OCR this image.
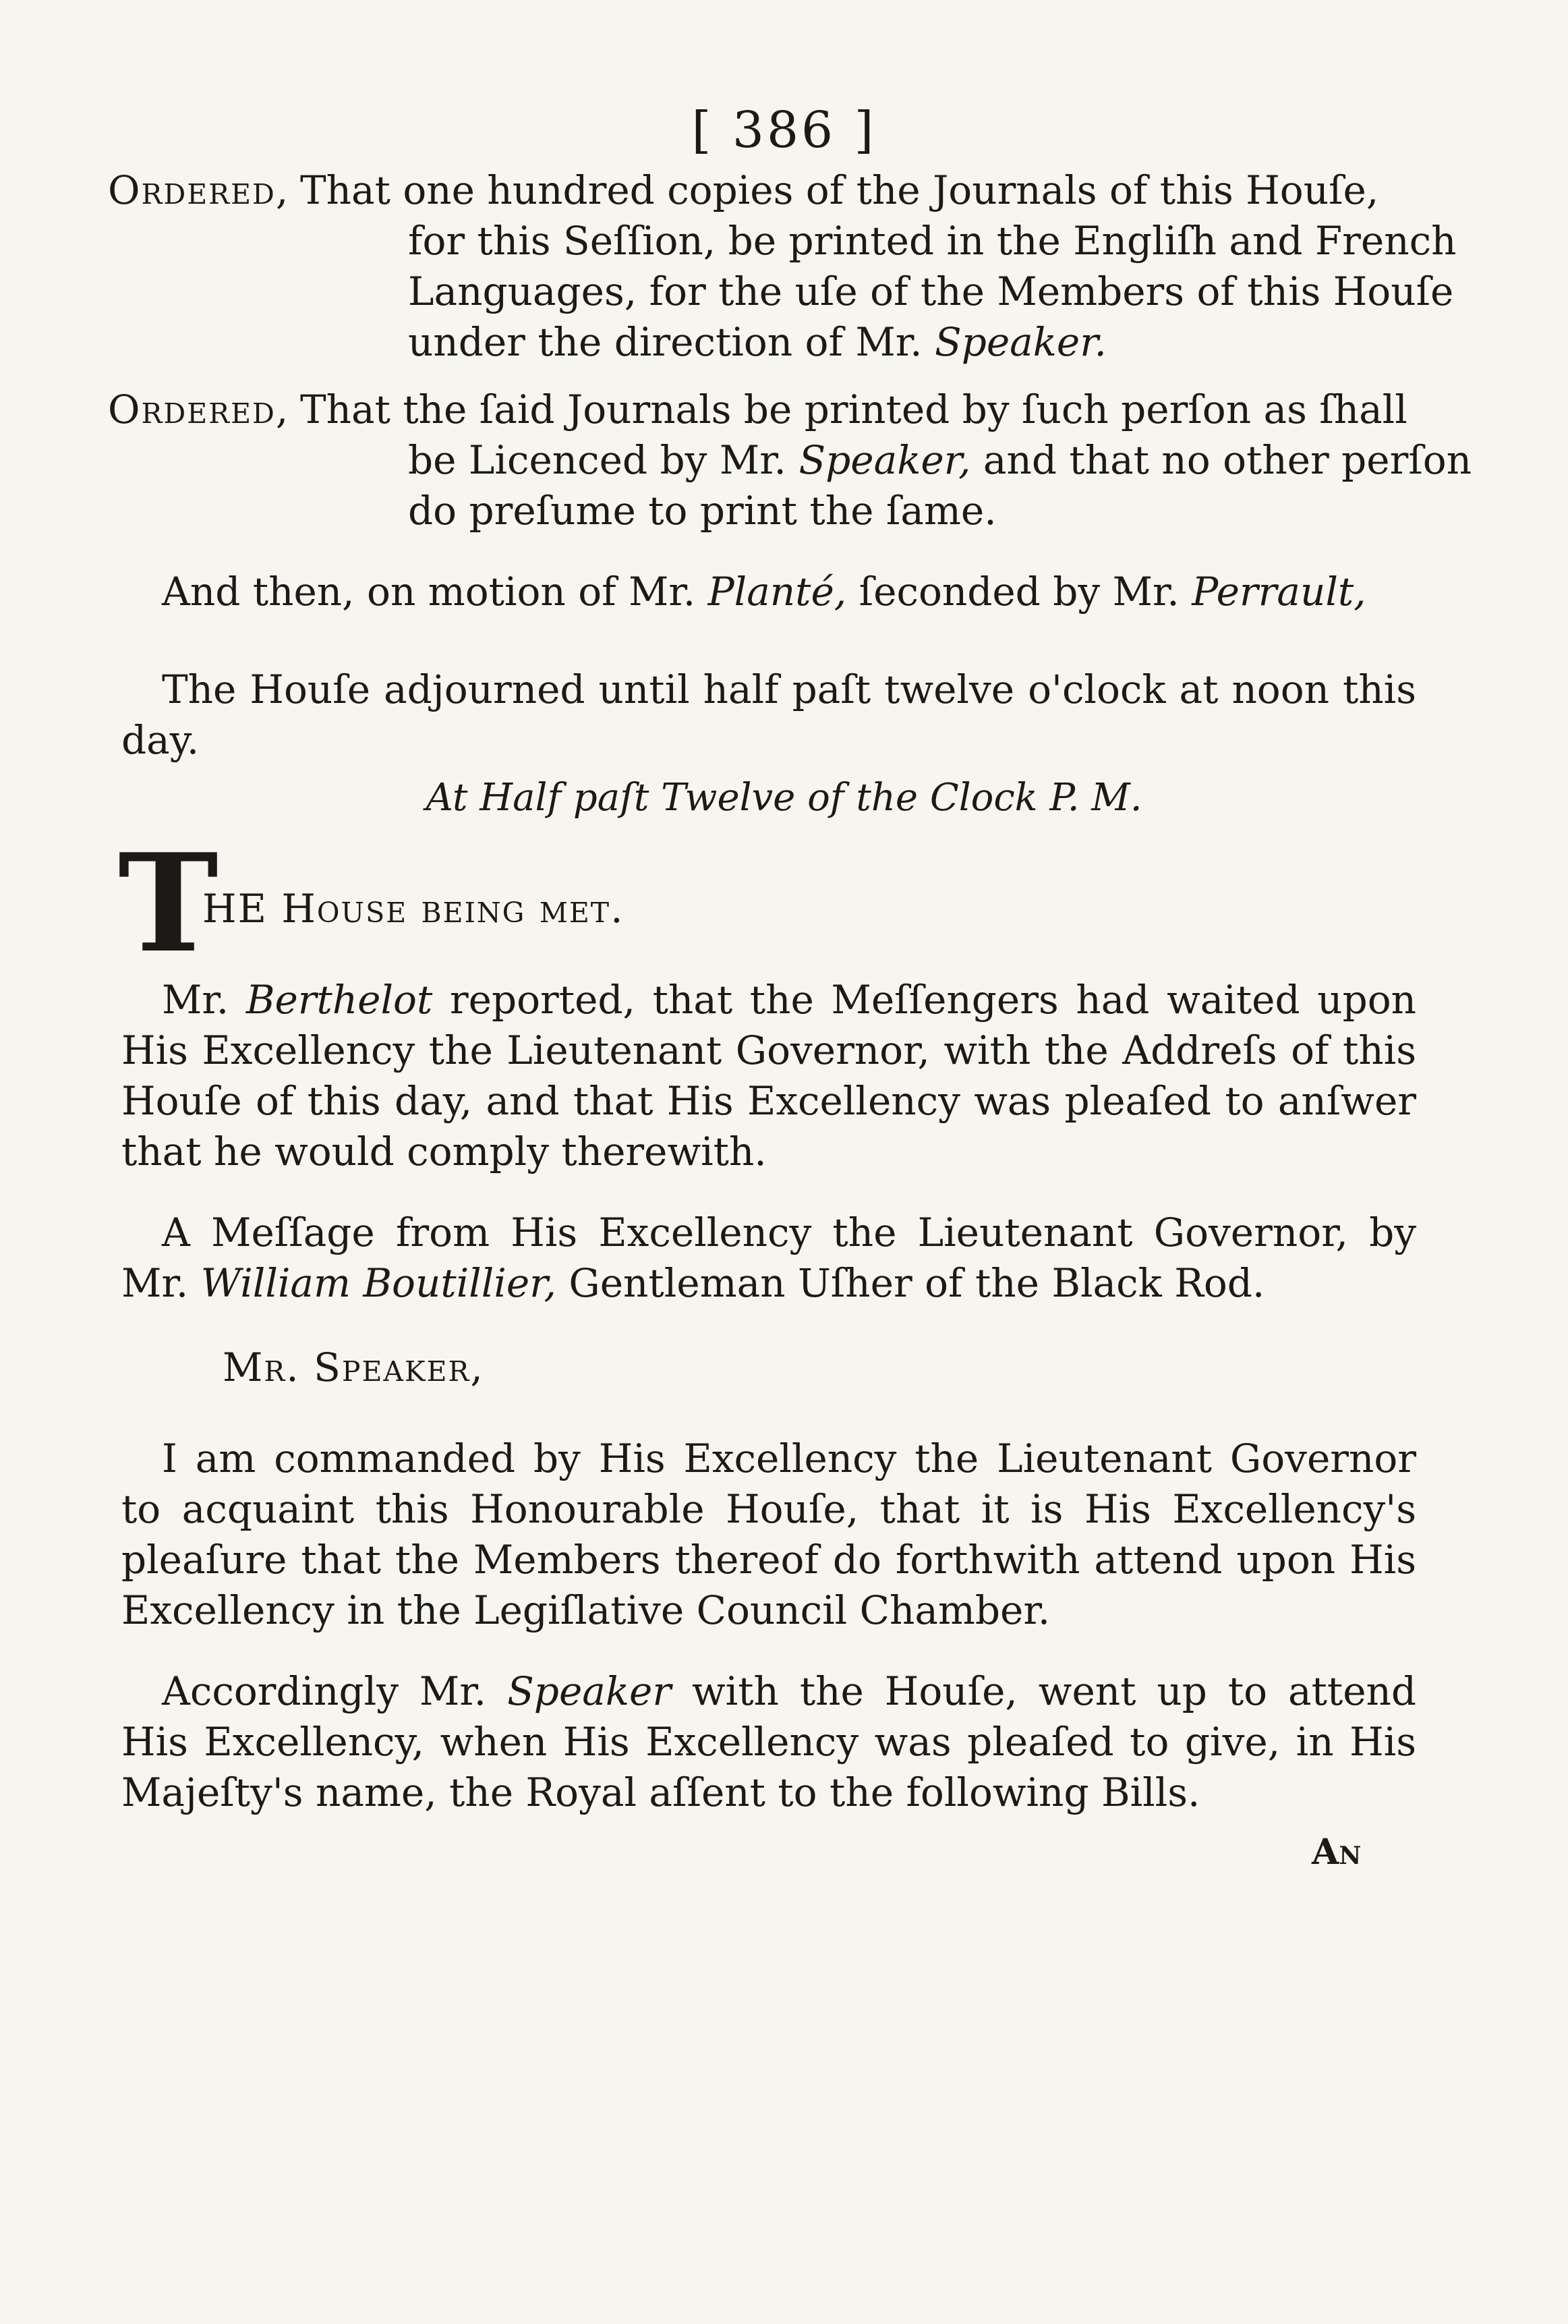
[ 386 ]
Ordered, That one hundred copies of the Journals of this Houſe,
for this Seſſion, be printed in the Engliſh and French Languages, for the uſe of the Members of this Houſe under the direction of Mr. Speaker.
Ordered, That the ſaid Journals be printed by ſuch perſon as ſhall
be Licenced by Mr. Speaker, and that no other perſon do preſume to print the ſame.
And then, on motion of Mr. Planté, ſeconded by Mr. Perrault,
The Houſe adjourned until half paſt twelve o'clock at noon this day.
At Half paſt Twelve of the Clock P. M.
T
HE Houſe being met.
Mr. Berthelot reported, that the Meſſengers had waited upon His Excellency the Lieutenant Governor, with the Addreſs of this Houſe of this day, and that His Excellency was pleaſed to anſwer that he would comply therewith.
A Meſſage from His Excellency the Lieutenant Governor, by Mr. William Boutillier, Gentleman Uſher of the Black Rod.
Mr. Speaker,
I am commanded by His Excellency the Lieutenant Governor to acquaint this Honourable Houſe, that it is His Excellency's pleaſure that the Members thereof do forthwith attend upon His Excellency in the Legiſlative Council Chamber.
Accordingly Mr. Speaker with the Houſe, went up to attend His Excellency, when His Excellency was pleaſed to give, in His Majeſty's name, the Royal aſſent to the following Bills.
An
